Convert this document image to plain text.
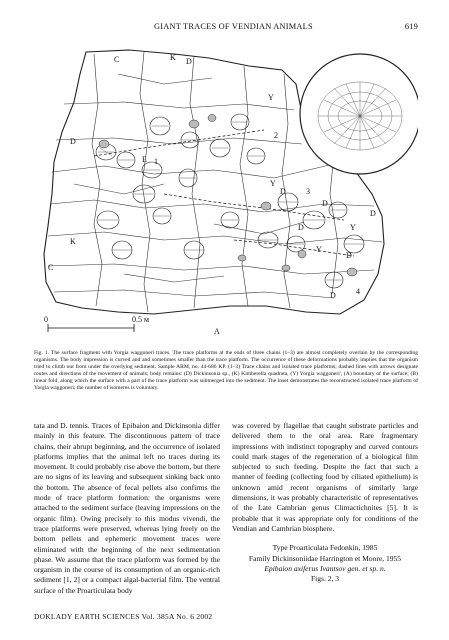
GIANT TRACES OF VENDIAN ANIMALS	619
C	K D
Y
D
E 1
D
2
Y
3
D
D
Y
D
4
C
K
D
Y
D
A
0	0.5 м
Fig. 1. The surface fragment with Yorgia waggoneri traces. The trace platforms at the ends of three chains (1–3) are almost completely overlain by the corresponding organisms. The body impression is curved and and sometimes smaller than the trace platform. The occurrence of these deformations probably implies that the organism tried to climb out from under the overlying sediment. Sample ARM, no. 44-686 KP. (1–3) Trace chains and isolated trace platforms; dashed lines with arrows designate routes and directions of the movement of animals; body remains: (D) Dickinsonia sp., (K) Kimberella quadrata, (Y) Yorgia waggoneri', (A) boundary of the surface; (B) linear fold, along which the surface with a part of the trace platform was submerged into the sediment. The inset demonstrates the reconstructed isolated trace platform of Yorgia waggoneri; the number of isomeres is voluntary.

tata and D. tennis. Traces of Epibaion and Dickinsonia differ mainly in this feature. The discontinuous pattern of trace chains, their abrupt beginning, and the occurrence of isolated platforms implies that the animal left no traces during its movement. It could probably rise above the bottom, but there are no signs of its leaving and subsequent sinking back onto the bottom. The absence of fecal pellets also confirms the mode of trace platform formation: the organisms were attached to the sediment surface (leaving impressions on the organic film). Owing precisely to this modus vivendi, the trace platforms were preserved, whereas lying freely on the bottom pellets and ephemeric movement traces were eliminated with the beginning of the next sedimentation phase. We assume that the trace platform was formed by the organism in the course of its consumption of an organic-rich sediment [1, 2] or a compact algal-bacterial film. The ventral surface of the Proarticulata body

was covered by flagellae that caught substrate particles and delivered them to the oral area. Rare fragmentary impressions with indistinct topography and curved contours could mark stages of the regeneration of a biological film subjected to such feeding. Despite the fact that such a manner of feeding (collecting food by ciliated epithelium) is unknown amid recent organisms of similarly large dimensions, it was probably characteristic of representatives of the Late Cambrian genus Climactichnites [5]. It is probable that it was appropriate only for conditions of the Vendian and Cambrian biosphere.

Type Proarticulata Fedonkin, 1985

Family Dickinsoniidae Harrington et Moore, 1955

Epibaion axiferus Ivantsov gen. et sp. n.

Figs. 2, 3

DOKLADY EARTH SCIENCES Vol. 385A No. 6 2002
